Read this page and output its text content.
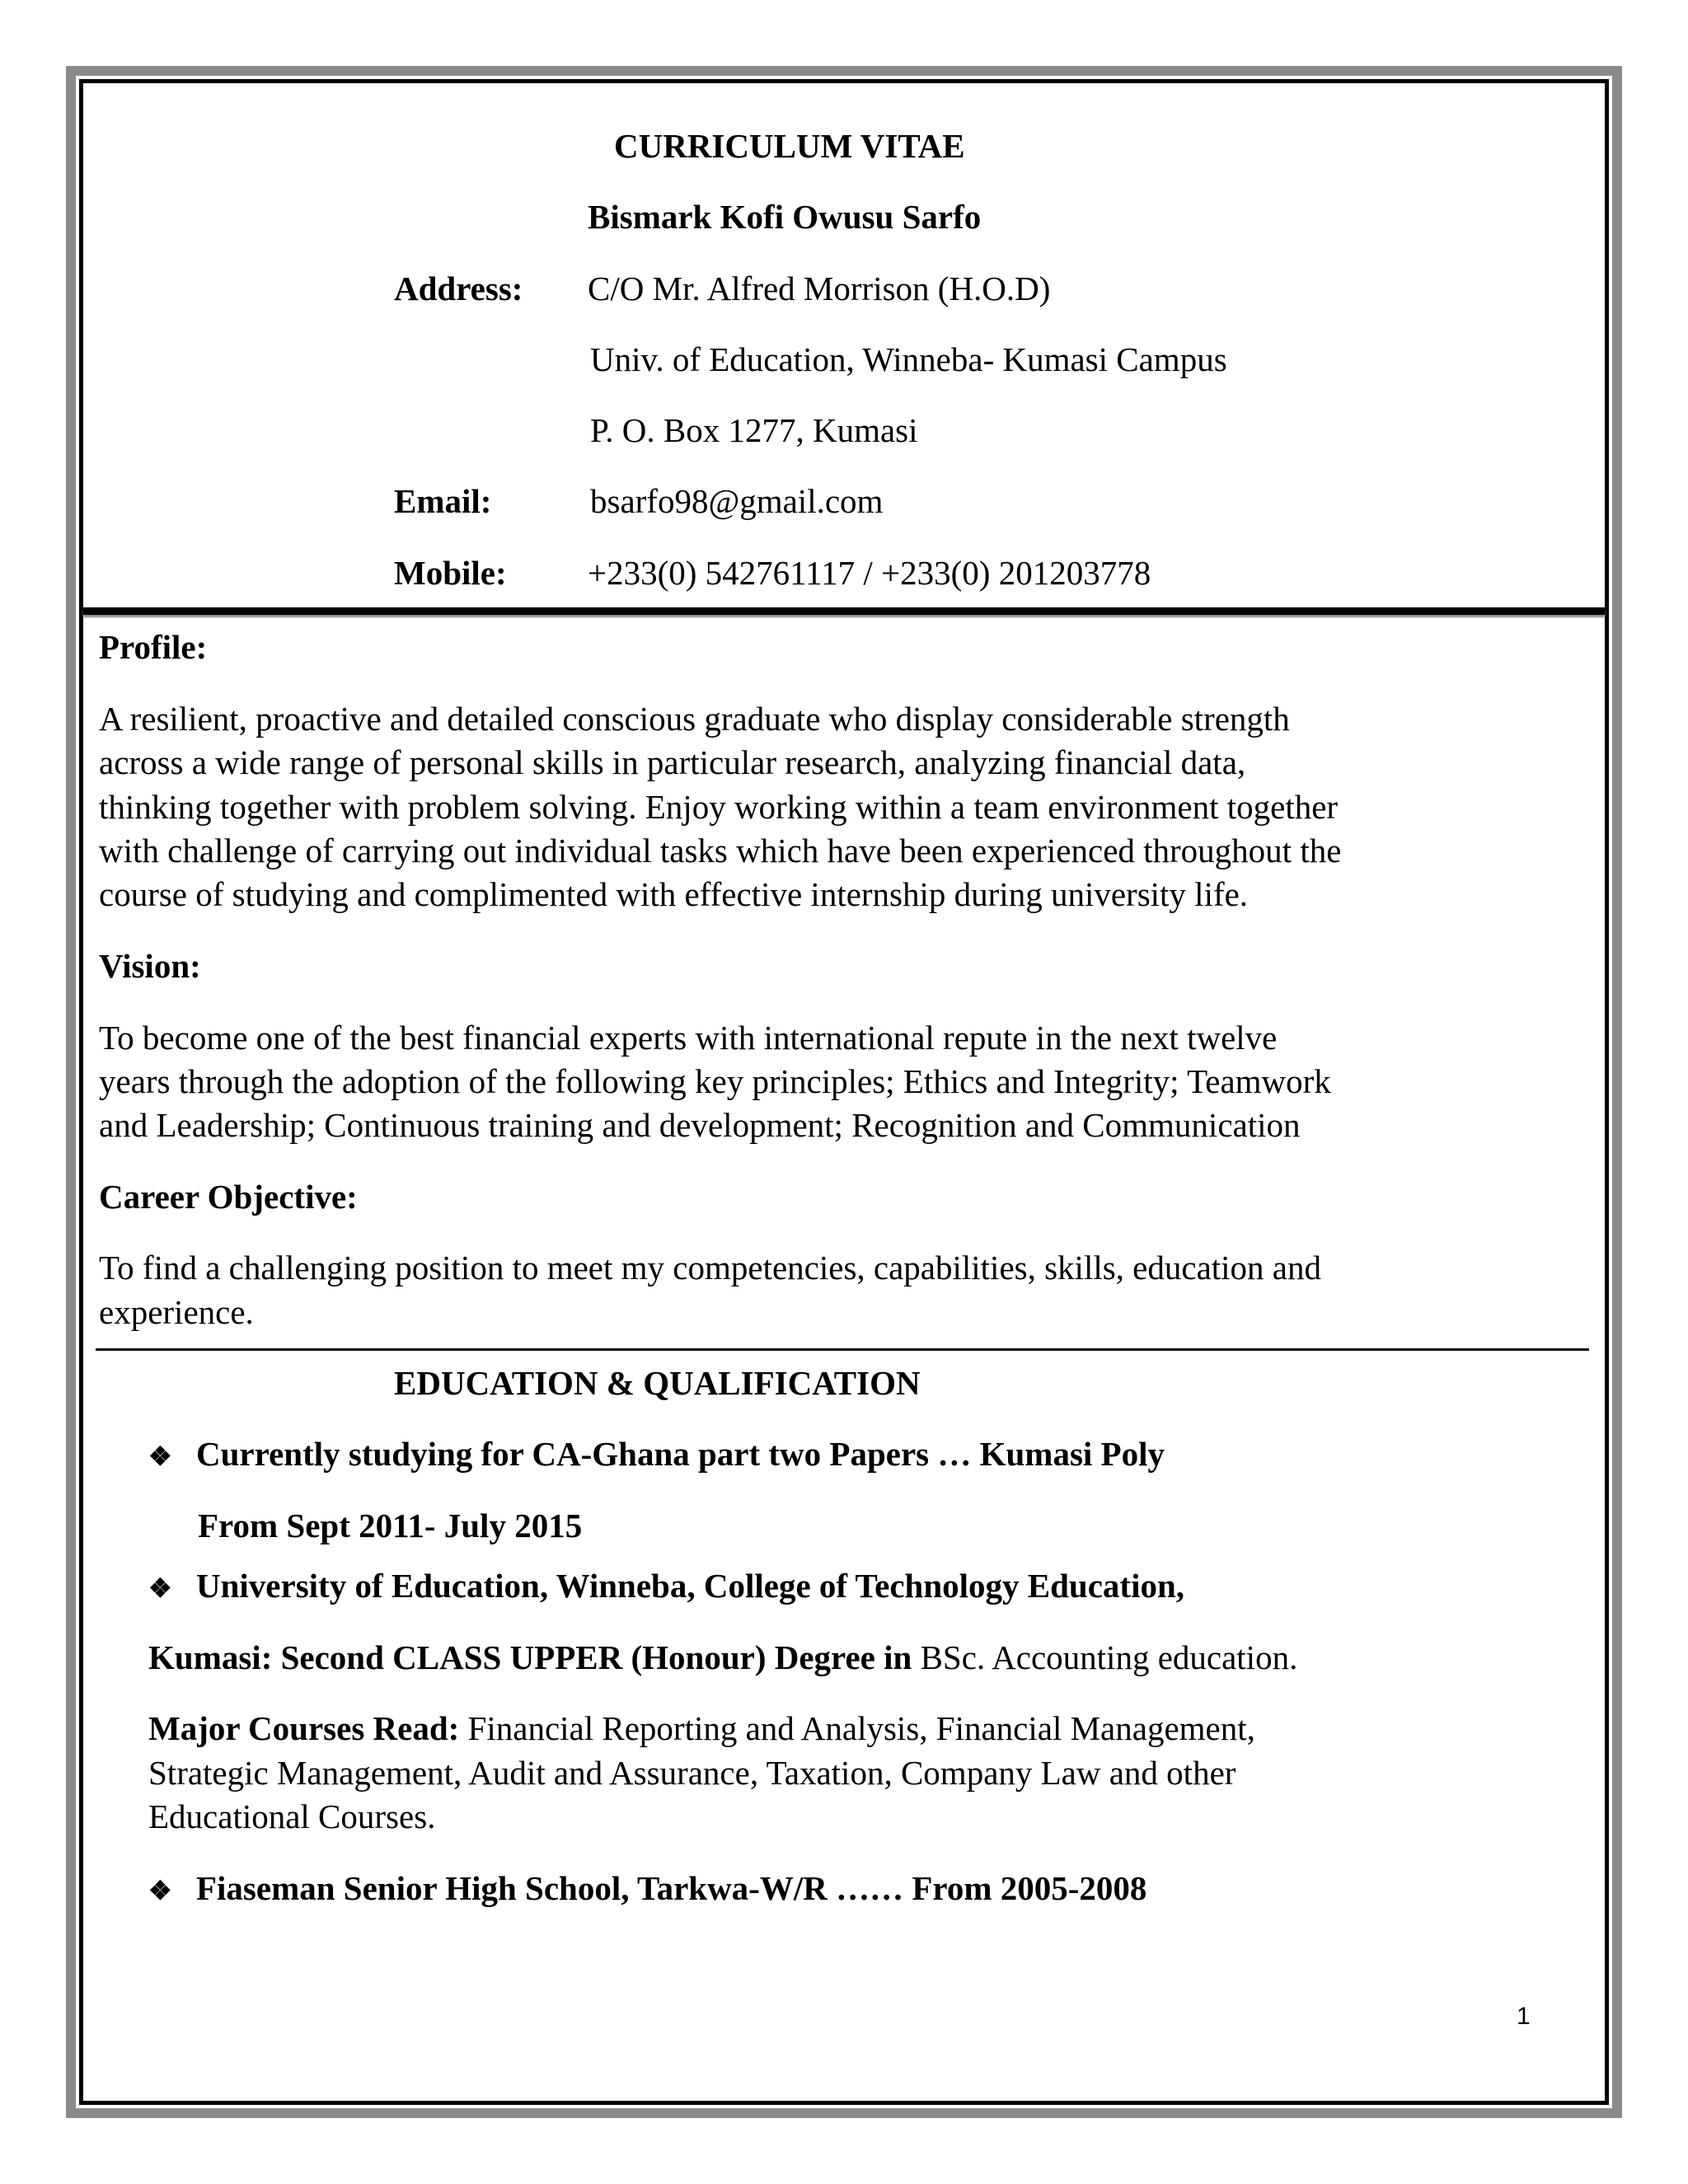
CURRICULUM VITAE
Bismark Kofi Owusu Sarfo
Address: C/O Mr. Alfred Morrison (H.O.D)
Univ. of Education, Winneba- Kumasi Campus
P. O. Box 1277, Kumasi
Email:	bsarfo98@gmail.com
Mobile: +233(0) 542761117 / +233(0) 201203778
Profile:
A resilient, proactive and detailed conscious graduate who display considerable strength
across a wide range of personal skills in particular research, analyzing financial data,
thinking together with problem solving. Enjoy working within a team environment together
with challenge of carrying out individual tasks which have been experienced throughout the
course of studying and complimented with effective internship during university life.
Vision:
To become one of the best financial experts with international repute in the next twelve
years through the adoption of the following key principles; Ethics and Integrity; Teamwork
and Leadership; Continuous training and development; Recognition and Communication
Career Objective:
To find a challenging position to meet my competencies, capabilities, skills, education and
experience.
EDUCATION & QUALIFICATION
❖ Currently studying for CA-Ghana part two Papers … Kumasi Poly
From Sept 2011- July 2015
❖ University of Education, Winneba, College of Technology Education,
Kumasi: Second CLASS UPPER (Honour) Degree in BSc. Accounting education.
Major Courses Read: Financial Reporting and Analysis, Financial Management,
Strategic Management, Audit and Assurance, Taxation, Company Law and other
Educational Courses.
❖ Fiaseman Senior High School, Tarkwa-W/R …… From 2005-2008
1
